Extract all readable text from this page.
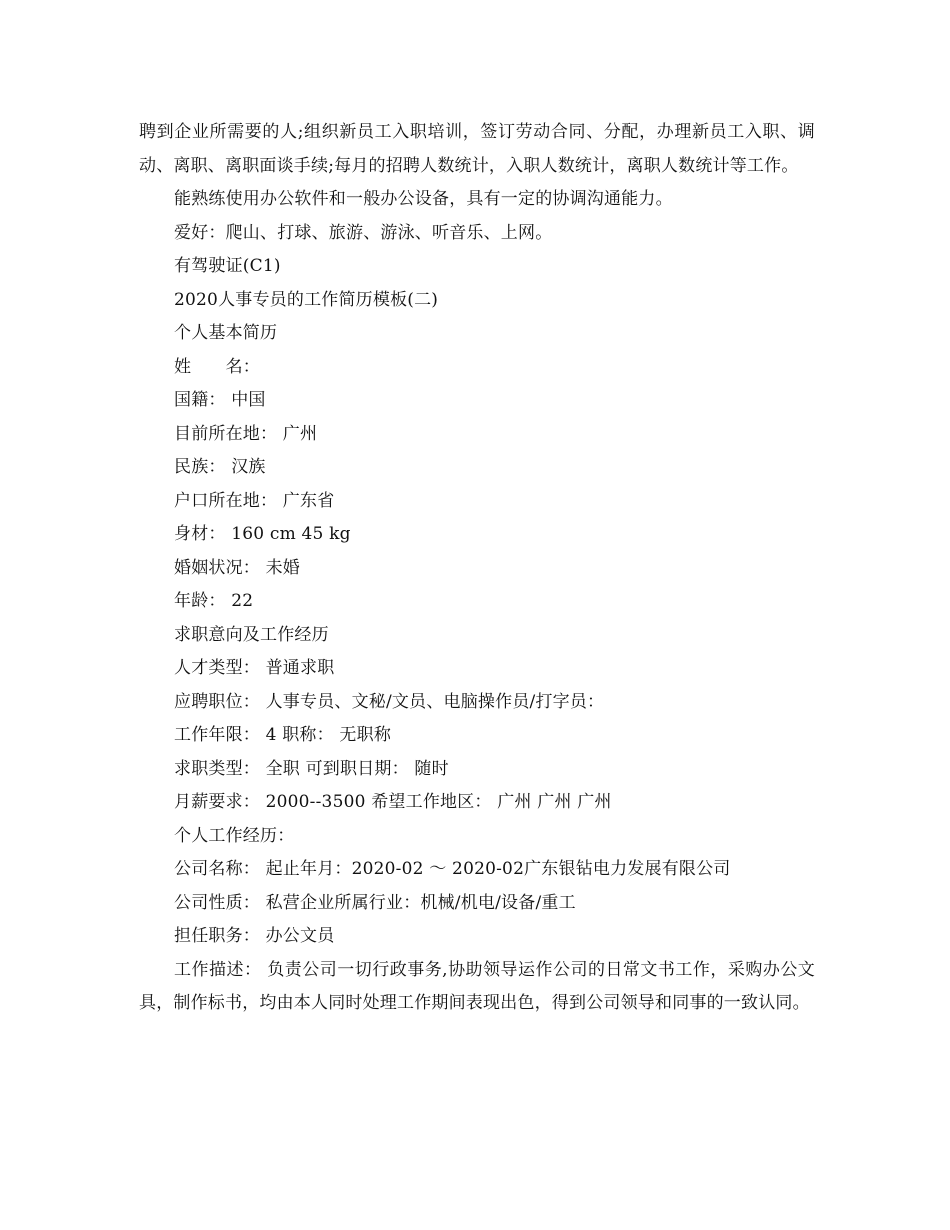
聘到企业所需要的人;组织新员工入职培训，签订劳动合同、分配，办理新员工入职、调动、离职、离职面谈手续;每月的招聘人数统计，入职人数统计，离职人数统计等工作。

能熟练使用办公软件和一般办公设备，具有一定的协调沟通能力。

爱好：爬山、打球、旅游、游泳、听音乐、上网。

有驾驶证(C1)

2020人事专员的工作简历模板(二)

个人基本简历

姓　　名：

国籍： 中国

目前所在地： 广州

民族： 汉族

户口所在地： 广东省

身材： 160 cm 45 kg

婚姻状况： 未婚

年龄： 22

求职意向及工作经历

人才类型： 普通求职

应聘职位： 人事专员、文秘/文员、电脑操作员/打字员：

工作年限： 4 职称： 无职称

求职类型： 全职 可到职日期： 随时

月薪要求： 2000--3500 希望工作地区： 广州 广州 广州

个人工作经历：

公司名称： 起止年月：2020-02 ～ 2020-02广东银钻电力发展有限公司

公司性质： 私营企业所属行业：机械/机电/设备/重工

担任职务： 办公文员

工作描述： 负责公司一切行政事务,协助领导运作公司的日常文书工作，采购办公文具，制作标书，均由本人同时处理工作期间表现出色，得到公司领导和同事的一致认同。
